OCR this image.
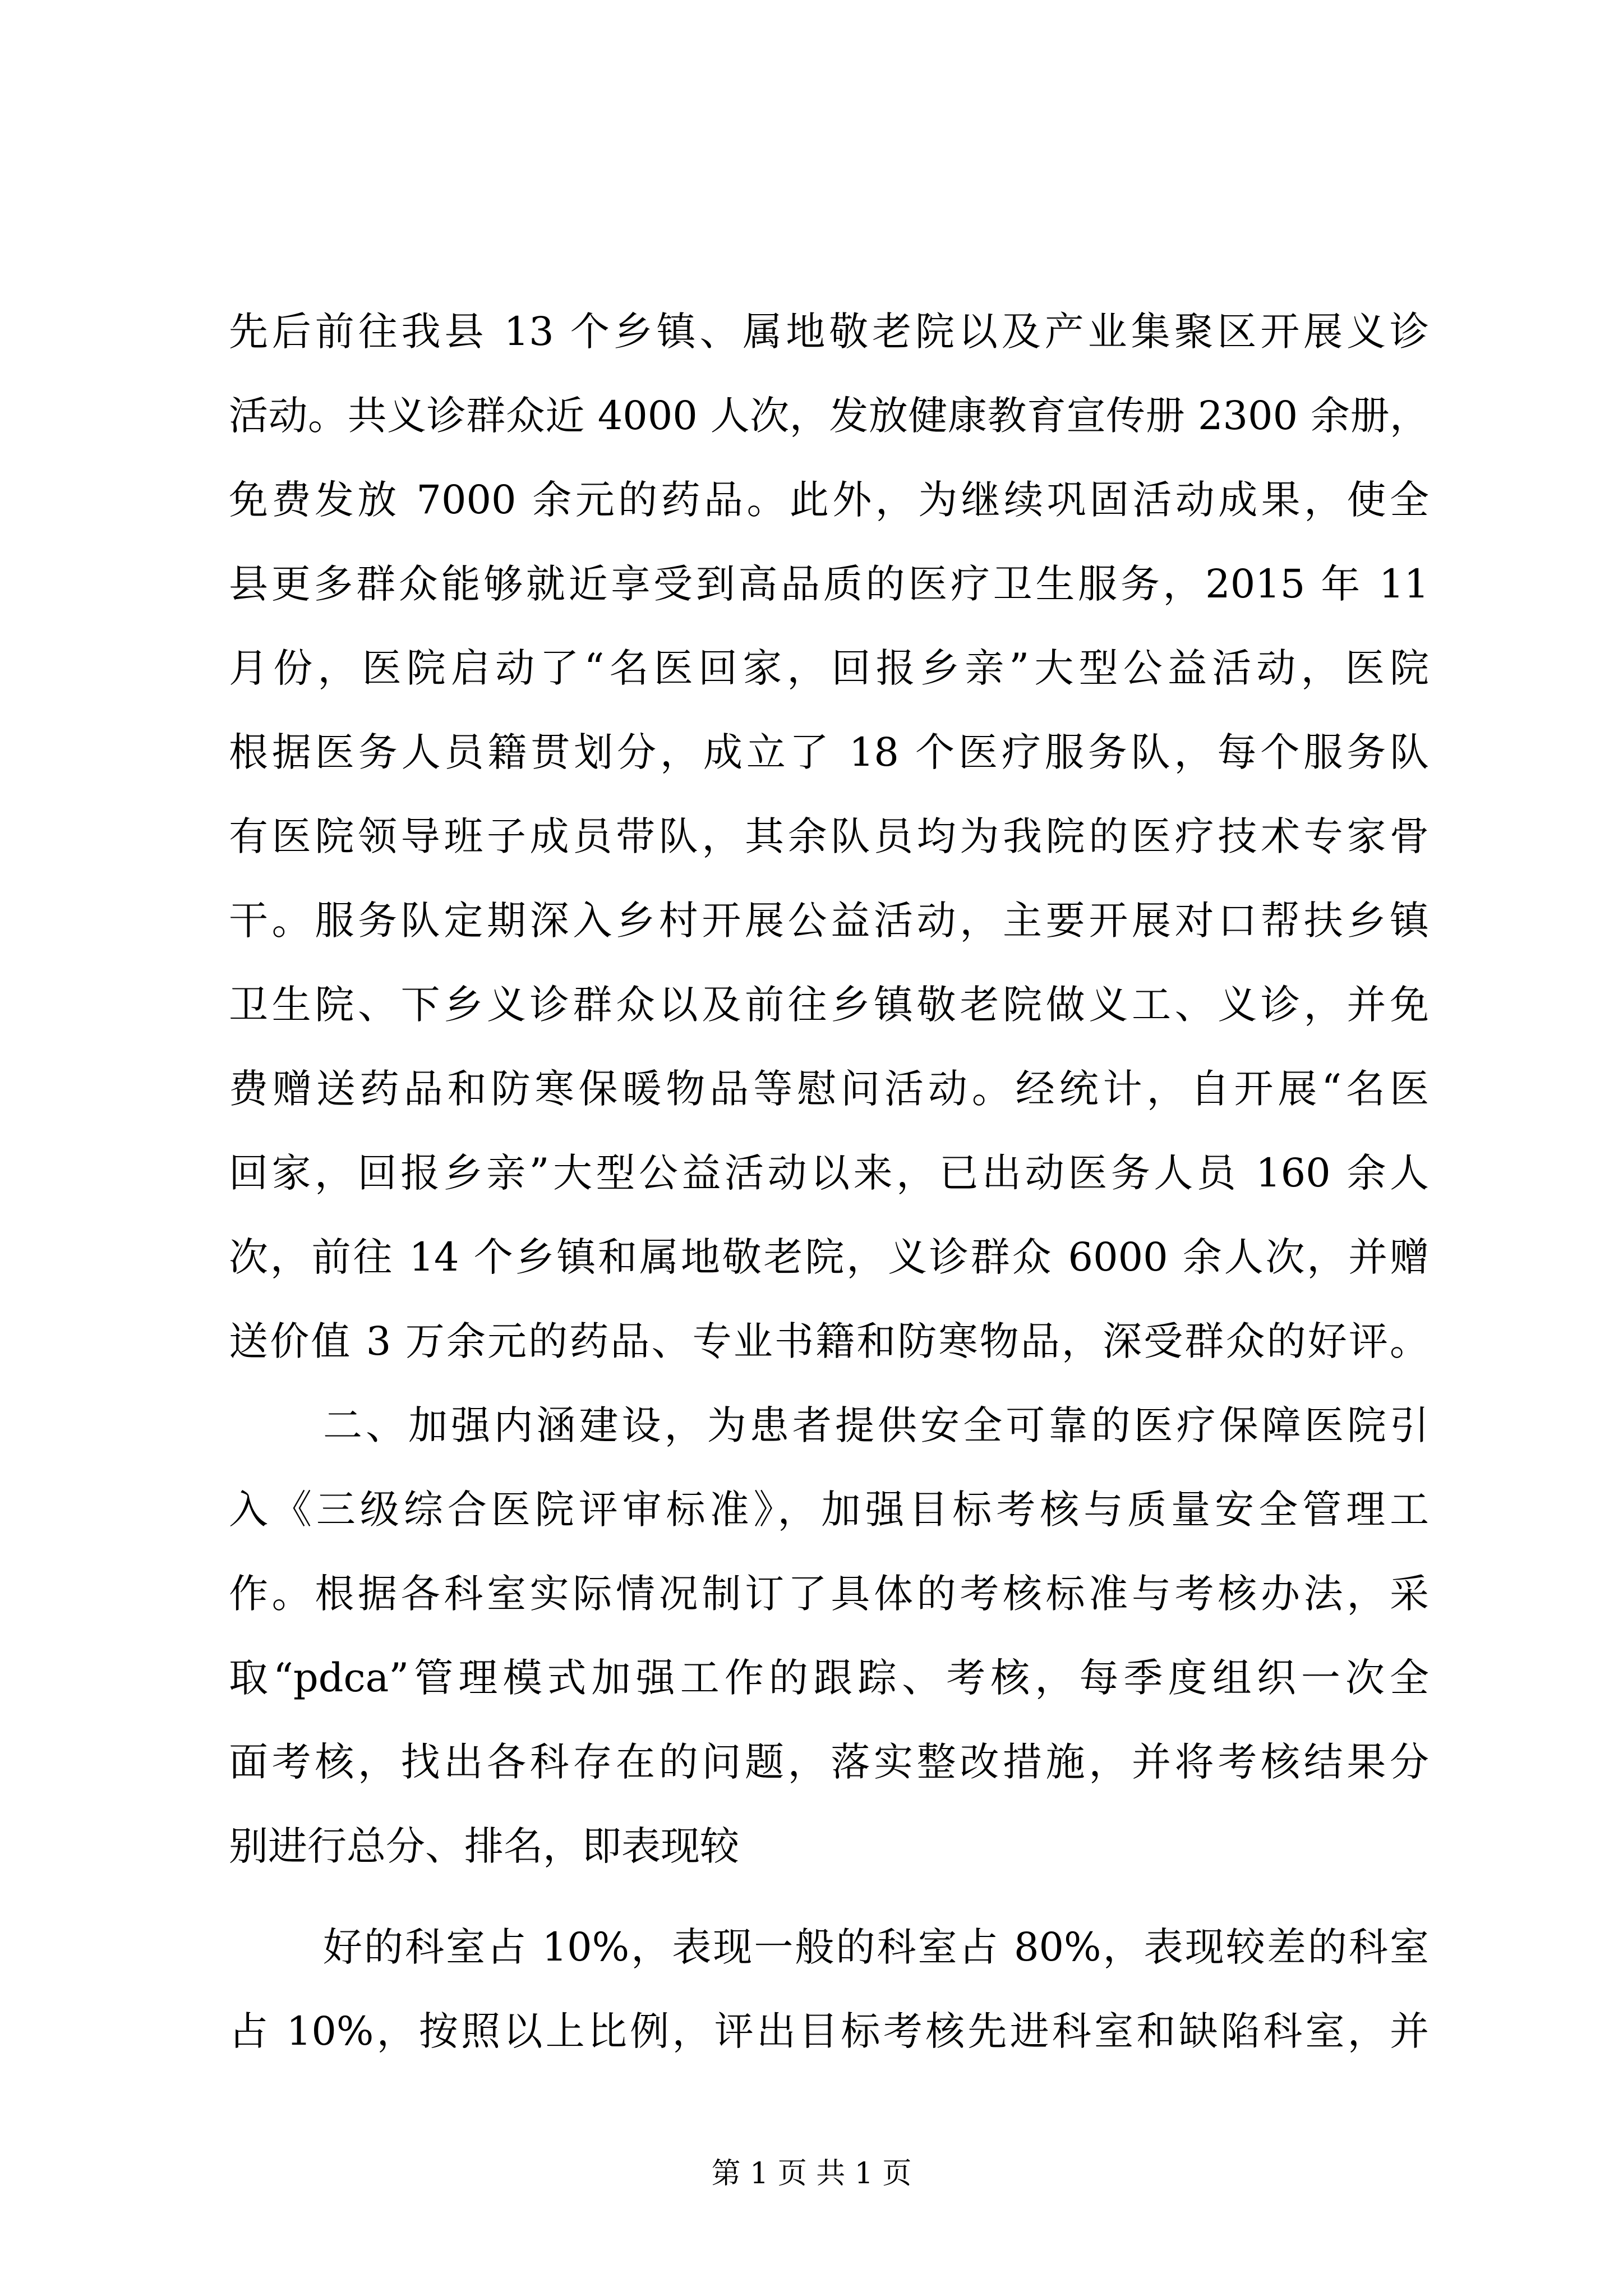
先后前往我县 13 个乡镇、属地敬老院以及产业集聚区开展义诊
活动。共义诊群众近 4000 人次，发放健康教育宣传册 2300 余册，
免费发放 7000 余元的药品。此外，为继续巩固活动成果，使全
县更多群众能够就近享受到高品质的医疗卫生服务，2015 年 11
月份，医院启动了“名医回家，回报乡亲”大型公益活动，医院
根据医务人员籍贯划分，成立了 18 个医疗服务队，每个服务队
有医院领导班子成员带队，其余队员均为我院的医疗技术专家骨
干。服务队定期深入乡村开展公益活动，主要开展对口帮扶乡镇
卫生院、下乡义诊群众以及前往乡镇敬老院做义工、义诊，并免
费赠送药品和防寒保暖物品等慰问活动。经统计，自开展“名医
回家，回报乡亲”大型公益活动以来，已出动医务人员 160 余人
次，前往 14 个乡镇和属地敬老院，义诊群众 6000 余人次，并赠
送价值 3 万余元的药品、专业书籍和防寒物品，深受群众的好评。
二、加强内涵建设，为患者提供安全可靠的医疗保障医院引
入《三级综合医院评审标准》，加强目标考核与质量安全管理工
作。根据各科室实际情况制订了具体的考核标准与考核办法，采
取“pdca”管理模式加强工作的跟踪、考核，每季度组织一次全
面考核，找出各科存在的问题，落实整改措施，并将考核结果分
别进行总分、排名，即表现较
好的科室占 10%，表现一般的科室占 80%，表现较差的科室
占 10%，按照以上比例，评出目标考核先进科室和缺陷科室，并
第 1 页 共 1 页
